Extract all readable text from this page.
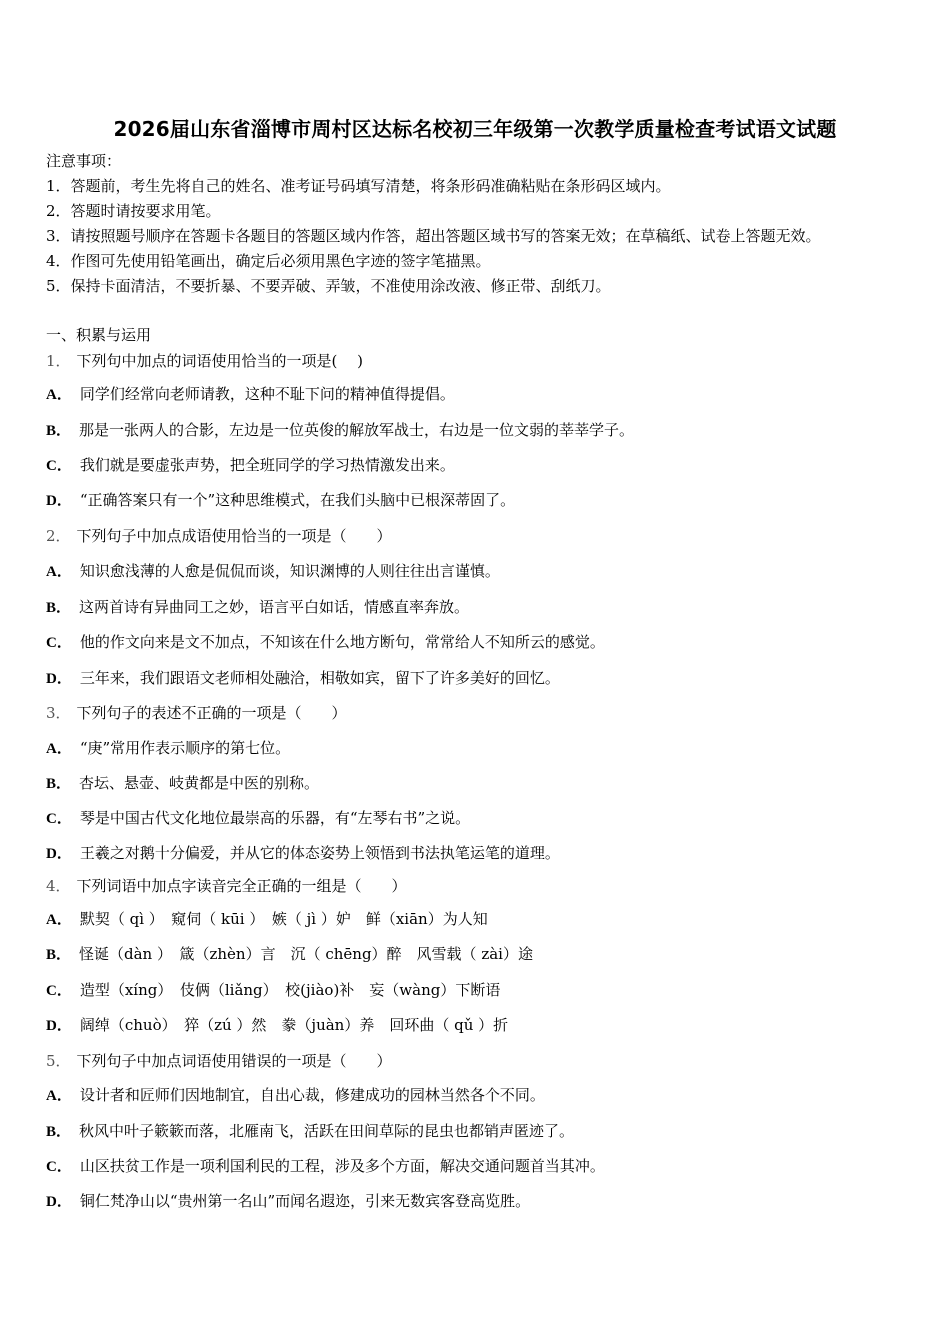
2026届山东省淄博市周村区达标名校初三年级第一次教学质量检查考试语文试题
注意事项：
1．答题前，考生先将自己的姓名、准考证号码填写清楚，将条形码准确粘贴在条形码区域内。
2．答题时请按要求用笔。
3．请按照题号顺序在答题卡各题目的答题区域内作答，超出答题区域书写的答案无效；在草稿纸、试卷上答题无效。
4．作图可先使用铅笔画出，确定后必须用黑色字迹的签字笔描黑。
5．保持卡面清洁，不要折暴、不要弄破、弄皱，不准使用涂改液、修正带、刮纸刀。
一、积累与运用
1． 下列句中加点的词语使用恰当的一项是(　 )
A． 同学们经常向老师请教，这种不耻下问的精神值得提倡。
B． 那是一张两人的合影，左边是一位英俊的解放军战士，右边是一位文弱的莘莘学子。
C． 我们就是要虚张声势，把全班同学的学习热情激发出来。
D． “正确答案只有一个”这种思维模式，在我们头脑中已根深蒂固了。
2． 下列句子中加点成语使用恰当的一项是（　　）
A． 知识愈浅薄的人愈是侃侃而谈，知识渊博的人则往往出言谨慎。
B． 这两首诗有异曲同工之妙，语言平白如话，情感直率奔放。
C． 他的作文向来是文不加点，不知该在什么地方断句，常常给人不知所云的感觉。
D． 三年来，我们跟语文老师相处融洽，相敬如宾，留下了许多美好的回忆。
3． 下列句子的表述不正确的一项是（　　）
A． “庚”常用作表示顺序的第七位。
B． 杏坛、悬壶、岐黄都是中医的别称。
C． 琴是中国古代文化地位最崇高的乐器，有“左琴右书”之说。
D． 王羲之对鹅十分偏爱，并从它的体态姿势上领悟到书法执笔运笔的道理。
4． 下列词语中加点字读音完全正确的一组是（　　）
A． 默契（ qì ）　窥伺（ kūi ）　嫉（ jì ）妒　鲜（xiān）为人知
B． 怪诞（dàn ）　箴（zhèn）言　沉（ chēng）醉　风雪载（ zài）途
C． 造型（xíng）　伎俩（liǎng）　校(jiào)补　妄（wàng）下断语
D． 阔绰（chuò）　猝（zú ）然　豢（juàn）养　回环曲（ qǔ ）折
5． 下列句子中加点词语使用错误的一项是（　　）
A． 设计者和匠师们因地制宜，自出心裁，修建成功的园林当然各个不同。
B． 秋风中叶子簌簌而落，北雁南飞，活跃在田间草际的昆虫也都销声匿迹了。
C． 山区扶贫工作是一项利国利民的工程，涉及多个方面，解决交通问题首当其冲。
D． 铜仁梵净山以“贵州第一名山”而闻名遐迩，引来无数宾客登高览胜。
